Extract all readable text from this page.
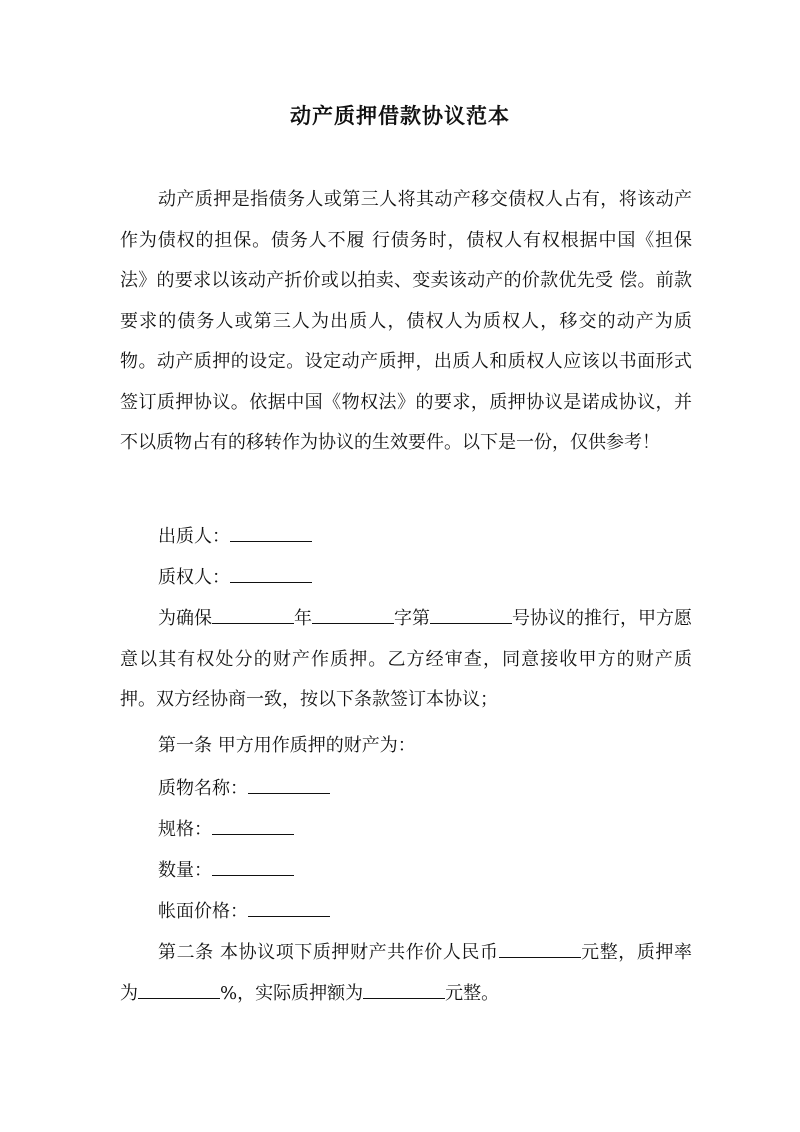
动产质押借款协议范本
动产质押是指债务人或第三人将其动产移交债权人占有，将该动产作为债权的担保。债务人不履 行债务时，债权人有权根据中国《担保法》的要求以该动产折价或以拍卖、变卖该动产的价款优先受 偿。前款要求的债务人或第三人为出质人，债权人为质权人，移交的动产为质物。动产质押的设定。设定动产质押，出质人和质权人应该以书面形式签订质押协议。依据中国《物权法》的要求，质押协议是诺成协议，并不以质物占有的移转作为协议的生效要件。以下是一份，仅供参考！
出质人：
质权人：
为确保	年	字第	号协议的推行，甲方愿意以其有权处分的财产作质押。乙方经审查，同意接收甲方的财产质押。双方经协商一致，按以下条款签订本协议；
第一条 甲方用作质押的财产为：
质物名称：
规格：
数量：
帐面价格：
第二条 本协议项下质押财产共作价人民币	元整，质押率为	%，实际质押额为	元整。
